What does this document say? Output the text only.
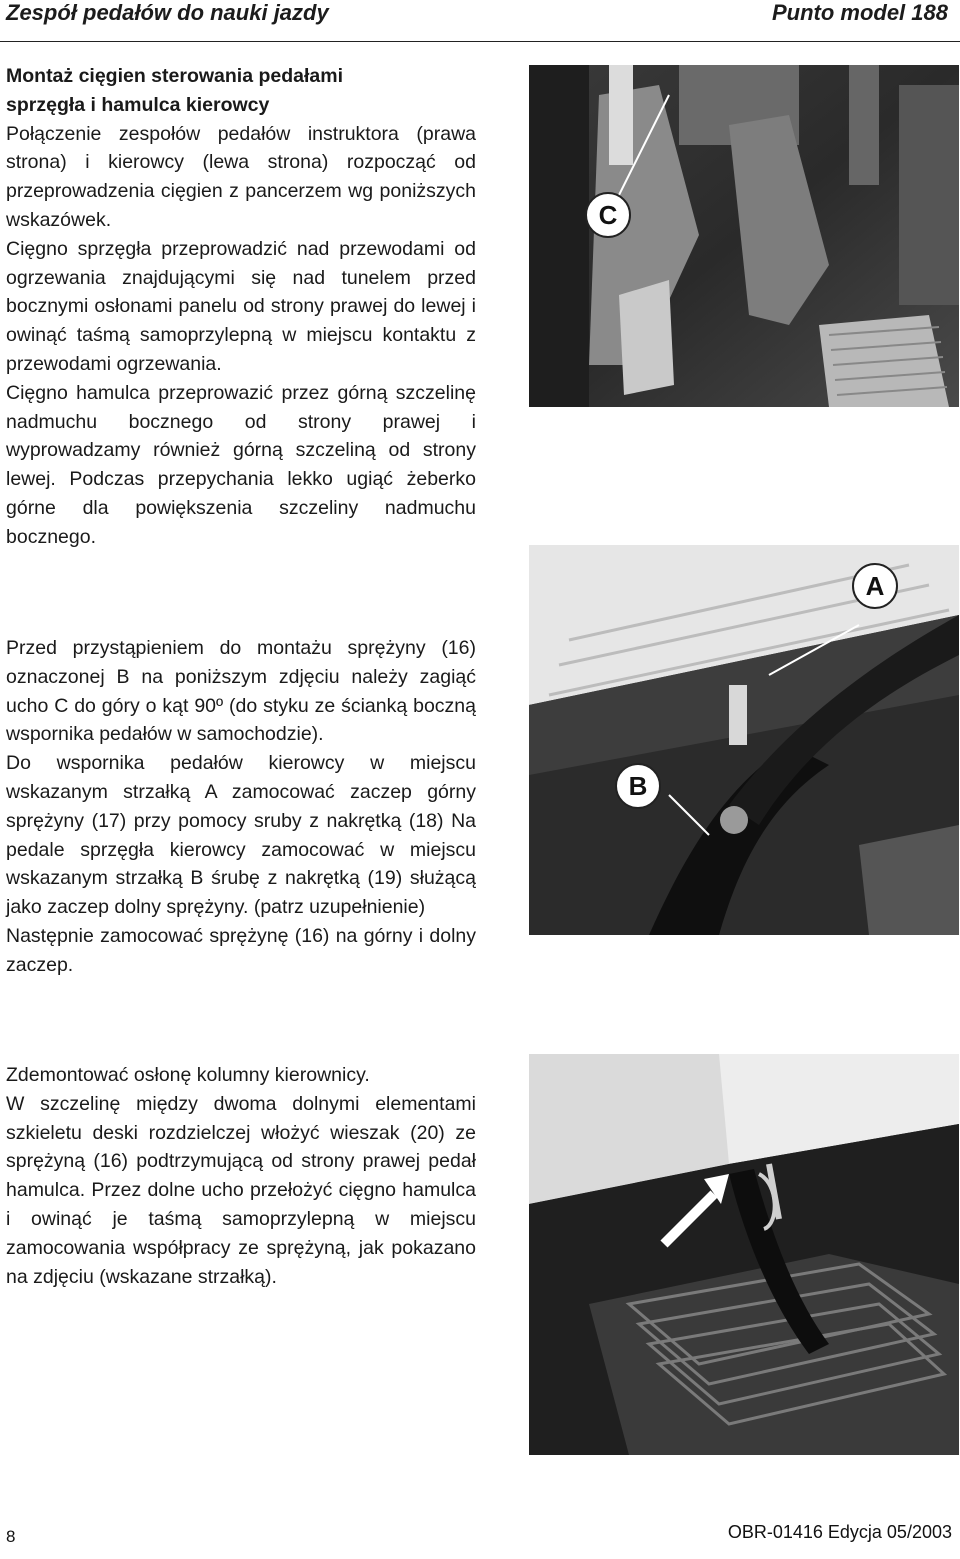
Zespół pedałów do nauki jazdy	Punto model 188

Montaż cięgien sterowania pedałami

sprzęgła i hamulca kierowcy

Połączenie zespołów pedałów instruktora (prawa strona) i kierowcy (lewa strona) rozpocząć od przeprowadzenia cięgien z pancerzem wg poniższych wskazówek.

Cięgno sprzęgła przeprowadzić nad przewodami od ogrzewania znajdującymi się nad tunelem przed bocznymi osłonami panelu od strony prawej do lewej i owinąć taśmą samoprzylepną w miejscu kontaktu z przewodami ogrzewania.

Cięgno hamulca przeprowazić przez górną szczelinę nadmuchu bocznego od strony prawej i wyprowadzamy również górną szczeliną od strony lewej. Podczas przepychania lekko ugiąć żeberko górne dla powiększenia szczeliny nadmuchu bocznego.

Przed przystąpieniem do montażu sprężyny (16) oznaczonej B na poniższym zdjęciu należy zagiąć ucho C do góry o kąt 90º (do styku ze ścianką boczną wspornika pedałów w samochodzie).

Do wspornika pedałów kierowcy w miejscu wskazanym strzałką A zamocować zaczep górny sprężyny (17) przy pomocy sruby z nakrętką (18) Na pedale sprzęgła kierowcy zamocować w miejscu wskazanym strzałką B śrubę z nakrętką (19) służącą jako zaczep dolny sprężyny. (patrz uzupełnienie)

Następnie zamocować sprężynę (16) na górny i dolny zaczep.

Zdemontować osłonę kolumny kierownicy.

W szczelinę między dwoma dolnymi elementami szkieletu deski rozdzielczej włożyć wieszak (20) ze sprężyną (16) podtrzymującą od strony prawej pedał hamulca. Przez dolne ucho przełożyć cięgno hamulca i owinąć je taśmą samoprzylepną w miejscu zamocowania współpracy ze sprężyną, jak pokazano na zdjęciu (wskazane strzałką).

C
A
B
8	OBR-01416 Edycja 05/2003
